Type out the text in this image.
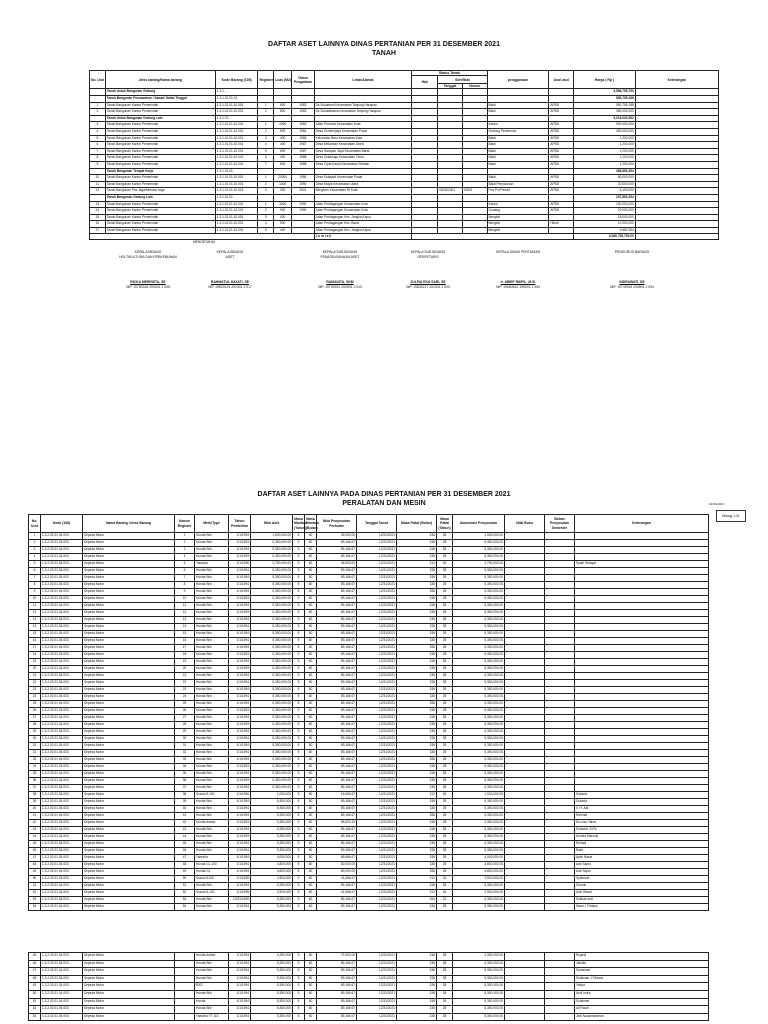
DAFTAR ASET LAINNYA DINAS PERTANIAN PER 31 DESEMBER 2021
TANAH
No. Urut	Jenis barang/Nama barang	Kode Barang (108)	Register	Luas (M2)	Tahun Pengadaan	Letak/Alamat	Status Tanah			penggunaan	Asal usul	Harga ( Rp )	Keterangan
							Hak	Sertifikat					
								Tanggal	Nomor				
	Tanah Untuk Bangunan Gedung	1.3.1...										3,566,755,750	
	Tanah Bangunan Persawahan / Sawah Tadah Tinggal	1.3.1.01.01.01										550,755,188	
1	Tanah Bangunan Kantor Pemerintah	1.3.1.01.01.10.001	1	600	1983	Ds Sukabumi Kecamatan Tanjung Harapan				Balai	APBD	550,755,188	
2	Tanah Bangunan Kantor Pemerintah	1.3.1.01.01.10.001	2	800	1983	Ds Sukalaksana Kecamatan Tanjung Harapan				Balai	APBD	480,000,000	
	Tanah Untuk Bangunan Gedung Lain	1.3.1.01.										3,016,000,562	
3	Tanah Bangunan Kantor Pemerintah	1.3.1.01.01.10.001	1	1000	1983	Jalan Pemuda Kecamatan Kota				Kantor	APBD	900,000,000	
4	Tanah Bangunan Kantor Pemerintah	1.3.1.01.01.10.001	2	500	1984	Desa Sumberjaya Kecamatan Pusat				Gedung Pertemuan	APBD	450,000,000	
5	Tanah Bangunan Kantor Pemerintah	1.3.1.01.01.10.001	3	400	1985	Kelurahan Baru Kecamatan Kota				Balai	APBD	1,200,000	
6	Tanah Bangunan Kantor Pemerintah	1.3.1.01.01.10.001	4	400	1987	Desa Mekarsari Kecamatan Utara				Balai	APBD	1,200,000	
7	Tanah Bangunan Kantor Pemerintah	1.3.1.01.01.10.001	5	600	1987	Desa Harapan Jaya Kecamatan Barat				Balai	APBD	1,200,000	
8	Tanah Bangunan Kantor Pemerintah	1.3.1.01.01.10.001	6	400	1988	Desa Sukamaju Kecamatan Timur				Balai	APBD	1,200,000	
9	Tanah Bangunan Kantor Pemerintah	1.3.1.01.01.10.001	7	600	1988	Desa Cipta Karya Kecamatan Selatan				Balai	APBD	1,200,000	
	Tanah Bangunan Tempat Kerja	1.3.1.01.01.										466,880,354	
10	Tanah Bangunan Kantor Pemerintah	1.3.1.01.01.10.001	1	20000	1984	Desa Sukajadi Kecamatan Pusat				Balai	APBD	80,000,000	
11	Tanah Bangunan Kantor Pemerintah	1.3.1.01.01.10.001	2	1000	1990	Desa Mulya Kecamatan Utara				Balai Penyuluhan	APBD	20,000,000	
12	Tanah Bangunan Pos Jaga/Menara Jaga	1.3.1.01.01.10.016	3	300	2001	Bengkulu Kecamatan RI Kota		05/03/2001	00001	Pos Pol Pertad	APBD	6,100,000	
	Tanah Bangunan Gedung Lain	1.3.1.01.01.										207,880,354	
13	Tanah Bangunan Kantor Pemerintah	1.3.1.01.01.10.001	1	3000	1990	Jalan Perdagangan Kecamatan Kota				Kantor	APBD	150,000,000	
14	Tanah Bangunan Kantor Pemerintah	1.3.1.01.01.10.001	2	500	1990	Jalan Perdagangan Kecamatan Kota				Gudang	APBD	20,000,000	
15	Tanah Bangunan Kantor Pemerintah	1.3.1.01.01.10.001	3	400		Jalan Perdagangan Kec. Jangka Kapur				Bengkel		18,000,000	
16	Tanah Bangunan Kantor Pemerintah	1.3.1.01.01.10.001	4	500		Jalan Perdagangan Kec. Barat				Bengkel	Hibah	10,000,000	
17	Tanah Bangunan Kantor Pemerintah	1.3.1.01.01.10.001	5	400		Jalan Perdagangan Kec. Jangka Kapur				Bengkel		9,880,354	
						J u m l a h						8,366,755,750,00	
MENGETAHUI
KEPALA BIDANG
HOLTIKULTURA DAN PERKEBUNAN
RICKA MERRISTA, SE
NIP. 19780318 200501 2 005
KEPALA BIDANG
ASET
RAHMATUL HAYATI, SE
NIP. 19820124 201001 2 017
KEPALA SUB BIDANG
PENATAUSAHAAN ASET
RAMADITA, SKM
NIP. 19790912 200501 2 012
KEPALA SUB BIDANG
SEKRETARIS
ZULFIA EKA SARI, SE
NIP. 19830217 201001 2 002
KEPALA DINAS PERTANIAN
Ir. ARIEF RIDFIL, M.Si
NIP. 19660612 199203 1 004
PENGURUS BARANG
INDRAWATI, SE
NIP. 19740915 200801 2 004
DAFTAR ASET LAINNYA PADA DINAS PERTANIAN PER 31 DESEMBER 2021
PERALATAN DAN MESIN	12/31/2021
Bidang 1-31
No. Urut	Kode (108)	Nama Barang /Jenis Barang	Nomor Register	Merk/Type	Tahun Pembelian	Nilai Aset	Masa Manfaat (Tahun)	Masa Manfaat (Bulan)	Nilai Penyusutan Perbulan	Tanggal Susut	Masa Pakai (Bulan)	Masa Pakai (Tahun)	Akumulasi Penyusutan	Nilai Buku	Beban Penyusutan Semester	Keterangan
1	1.3.2.02.01.04.003	Sepeda Motor	1	Honda Win	1/1/1994	1,500,000.00	5	60	25,000.00	12/31/2021	336	28	1,500,000.00			
2	1.3.2.02.01.04.003	Sepeda Motor	2	Honda Win	1/1/1994	5,350,000.00	5	60	89,166.67	12/31/2021	336	28	5,350,000.00			
3	1.3.2.02.01.04.003	Sepeda Motor	3	Honda Win	1/1/1994	5,350,000.00	5	60	89,166.67	12/31/2021	336	28	5,350,000.00			
4	1.3.2.02.01.04.003	Sepeda Motor	4	Honda Win	1/1/1994	5,350,000.00	5	60	89,166.67	12/31/2021	336	28	5,350,000.00			
5	1.3.2.02.01.04.003	Sepeda Motor	5	Yamaha	1/1/1996	2,790,000.00	5	60	46,500.00	12/31/2021	312	26	2,790,000.00			Syarif Hidayat
6	1.3.2.02.01.04.003	Sepeda Motor	6	Honda Win	1/1/1994	5,350,000.00	5	60	89,166.67	12/31/2021	336	28	5,350,000.00			
7	1.3.2.02.01.04.003	Sepeda Motor	7	Honda Win	1/1/1994	5,350,000.00	5	60	89,166.67	12/31/2021	336	28	5,350,000.00			
8	1.3.2.02.01.04.003	Sepeda Motor	8	Honda Win	1/1/1994	5,350,000.00	5	60	89,166.67	12/31/2021	336	28	5,350,000.00			
9	1.3.2.02.01.04.003	Sepeda Motor	9	Honda Win	1/1/1994	5,350,000.00	5	60	89,166.67	12/31/2021	336	28	5,350,000.00			
10	1.3.2.02.01.04.003	Sepeda Motor	10	Honda Win	1/1/1994	5,350,000.00	5	60	89,166.67	12/31/2021	336	28	5,350,000.00			
11	1.3.2.02.01.04.003	Sepeda Motor	11	Honda Win	1/1/1994	5,350,000.00	5	60	89,166.67	12/31/2021	336	28	5,350,000.00			
12	1.3.2.02.01.04.003	Sepeda Motor	12	Honda Win	1/1/1994	5,350,000.00	5	60	89,166.67	12/31/2021	336	28	5,350,000.00			
13	1.3.2.02.01.04.003	Sepeda Motor	13	Honda Win	1/1/1994	5,350,000.00	5	60	89,166.67	12/31/2021	336	28	5,350,000.00			
14	1.3.2.02.01.04.003	Sepeda Motor	14	Honda Win	1/1/1994	5,350,000.00	5	60	89,166.67	12/31/2021	336	28	5,350,000.00			
15	1.3.2.02.01.04.003	Sepeda Motor	15	Honda Win	1/1/1994	5,350,000.00	5	60	89,166.67	12/31/2021	336	28	5,350,000.00			
16	1.3.2.02.01.04.003	Sepeda Motor	16	Honda Win	1/1/1994	5,350,000.00	5	60	89,166.67	12/31/2021	336	28	5,350,000.00			
17	1.3.2.02.01.04.003	Sepeda Motor	17	Honda Win	1/1/1994	5,350,000.00	5	60	89,166.67	12/31/2021	336	28	5,350,000.00			
18	1.3.2.02.01.04.003	Sepeda Motor	18	Honda Win	1/1/1994	5,350,000.00	5	60	89,166.67	12/31/2021	336	28	5,350,000.00			
19	1.3.2.02.01.04.003	Sepeda Motor	19	Honda Win	1/1/1994	5,350,000.00	5	60	89,166.67	12/31/2021	336	28	5,350,000.00			
20	1.3.2.02.01.04.003	Sepeda Motor	20	Honda Win	1/1/1994	5,350,000.00	5	60	89,166.67	12/31/2021	336	28	5,350,000.00			
21	1.3.2.02.01.04.003	Sepeda Motor	21	Honda Win	1/1/1994	5,350,000.00	5	60	89,166.67	12/31/2021	336	28	5,350,000.00			
22	1.3.2.02.01.04.003	Sepeda Motor	22	Honda Win	1/1/1994	5,350,000.00	5	60	89,166.67	12/31/2021	336	28	5,350,000.00			
23	1.3.2.02.01.04.003	Sepeda Motor	23	Honda Win	1/1/1994	5,350,000.00	5	60	89,166.67	12/31/2021	336	28	5,350,000.00			
24	1.3.2.02.01.04.003	Sepeda Motor	24	Honda Win	1/1/1994	5,350,000.00	5	60	89,166.67	12/31/2021	336	28	5,350,000.00			
25	1.3.2.02.01.04.003	Sepeda Motor	25	Honda Win	1/1/1994	5,350,000.00	5	60	89,166.67	12/31/2021	336	28	5,350,000.00			
26	1.3.2.02.01.04.003	Sepeda Motor	26	Honda Win	1/1/1994	5,350,000.00	5	60	89,166.67	12/31/2021	336	28	5,350,000.00			
27	1.3.2.02.01.04.003	Sepeda Motor	27	Honda Win	1/1/1994	5,350,000.00	5	60	89,166.67	12/31/2021	336	28	5,350,000.00			
28	1.3.2.02.01.04.003	Sepeda Motor	28	Honda Win	1/1/1994	5,350,000.00	5	60	89,166.67	12/31/2021	336	28	5,350,000.00			
29	1.3.2.02.01.04.003	Sepeda Motor	29	Honda Win	1/1/1994	5,350,000.00	5	60	89,166.67	12/31/2021	336	28	5,350,000.00			
30	1.3.2.02.01.04.003	Sepeda Motor	30	Honda Win	1/1/1994	5,350,000.00	5	60	89,166.67	12/31/2021	336	28	5,350,000.00			
31	1.3.2.02.01.04.003	Sepeda Motor	31	Honda Win	1/1/1994	5,350,000.00	5	60	89,166.67	12/31/2021	336	28	5,350,000.00			
32	1.3.2.02.01.04.003	Sepeda Motor	32	Honda Win	1/1/1994	5,350,000.00	5	60	89,166.67	12/31/2021	336	28	5,350,000.00			
33	1.3.2.02.01.04.003	Sepeda Motor	33	Honda Win	1/1/1994	5,350,000.00	5	60	89,166.67	12/31/2021	336	28	5,350,000.00			
34	1.3.2.02.01.04.003	Sepeda Motor	34	Honda Win	1/1/1994	5,350,000.00	5	60	89,166.67	12/31/2021	336	28	5,350,000.00			
35	1.3.2.02.01.04.003	Sepeda Motor	35	Honda Win	1/1/1994	5,350,000.00	5	60	89,166.67	12/31/2021	336	28	5,350,000.00			
36	1.3.2.02.01.04.003	Sepeda Motor	36	Honda Win	1/1/1994	5,350,000.00	5	60	89,166.67	12/31/2021	336	28	5,350,000.00			
37	1.3.2.02.01.04.003	Sepeda Motor	37	Honda Win	1/1/1994	5,350,000.00	5	60	89,166.67	12/31/2021	336	28	5,350,000.00			
38	1.3.2.02.01.04.003	Sepeda Motor	38	Suzuki A 100	1/1/1996	1,000,000	5	60	16,666.67	12/31/2021	312	26	1,000,000.00			Sukarta
39	1.3.2.02.01.04.003	Sepeda Motor	39	Honda Win	1/1/1994	5,350,000	5	60	89,166.67	12/31/2021	336	28	5,350,000.00			Sukarta
40	1.3.2.02.01.04.003	Sepeda Motor	40	Honda Win	1/1/1994	5,350,000	5	60	89,166.67	12/31/2021	336	28	5,350,000.00			Ir. H. Aat
41	1.3.2.02.01.04.003	Sepeda Motor	41	Honda Win	1/1/1994	5,350,000	5	60	89,166.67	12/31/2021	336	28	5,350,000.00			Rahmat
42	1.3.2.02.01.04.003	Sepeda Motor	42	Honda Astrea	1/1/1994	3,350,000	5	60	55,833.33	12/31/2021	336	28	3,350,000.00			Drs Abu Tahar
43	1.3.2.02.01.04.003	Sepeda Motor	43	Honda Win	1/1/1994	5,350,000	5	60	89,166.67	12/31/2021	336	28	5,350,000.00			Suhaedi, S.Pd
44	1.3.2.02.01.04.003	Sepeda Motor	44	Honda Win	1/1/1994	5,350,000	5	60	89,166.67	12/31/2021	336	28	5,350,000.00			Ahmad Marzuki
45	1.3.2.02.01.04.003	Sepeda Motor	45	Honda Win	1/1/1994	5,350,000	5	60	89,166.67	12/31/2021	336	28	5,350,000.00			Rohadi
46	1.3.2.02.01.04.003	Sepeda Motor	46	Honda Win	1/1/1994	5,350,000	5	60	89,166.67	12/31/2021	336	28	5,350,000.00			Bakri
47	1.3.2.02.01.04.003	Sepeda Motor	47	Yamaha	1/1/1994	4,000,000	5	60	66,666.67	12/31/2021	336	28	4,000,000.00			Aplin Nazar
48	1.3.2.02.01.04.003	Sepeda Motor	48	Honda GL 100	1/1/1994	4,800,000	5	60	80,000.00	12/31/2021	336	28	4,800,000.00			Ade Sapru
49	1.3.2.02.01.04.003	Sepeda Motor	49	Honda GL	1/1/1994	4,800,000	5	60	80,000.00	12/31/2021	336	28	4,800,000.00			Ade Sapru
50	1.3.2.02.01.04.003	Sepeda Motor	50	Suzuki A100	1/1/1996	2,500,000	5	60	41,666.67	12/31/2021	312	26	2,500,000.00			Syahrizal
51	1.3.2.02.01.04.003	Sepeda Motor	51	Honda Win	1/1/1994	5,350,000	5	60	89,166.67	12/31/2021	336	28	5,350,000.00			Gusmir
52	1.3.2.02.01.04.003	Sepeda Motor	52	Suzuki A 100	1/1/1996	2,500,000	5	60	41,666.67	12/31/2021	312	26	2,500,000.00			Asih Rabat
53	1.3.2.02.01.04.003	Sepeda Motor	53	Honda Win	12/31/1999	5,350,000	5	60	89,166.67	12/31/2021	264	22	5,350,000.00			Sukirah Anit
54	1.3.2.02.01.04.003	Sepeda Motor	54	Honda Win	1/1/1994	5,350,000	5	60	89,166.67	12/31/2021	336	28	5,350,000.00			Ilham J Fitriano
45	1.3.2.02.01.04.003	Sepeda Motor		Honda Astrea	1/1/1994	4,350,000	5	60	72,500.00	12/31/2021	336	28	4,350,000.00			Rujardi
46	1.3.2.02.01.04.003	Sepeda Motor		Honda Win	1/1/1994	5,350,000	5	60	89,166.67	12/31/2021	336	28	5,350,000.00			Jahidin
47	1.3.2.02.01.04.003	Sepeda Motor		Honda Win	1/1/1994	5,350,000	5	60	89,166.67	12/31/2021	336	28	5,350,000.00			Samsimal
48	1.3.2.02.01.04.003	Sepeda Motor		Honda Win	1/1/1994	5,350,000	5	60	89,166.67	12/31/2021	336	28	5,350,000.00			Sulaiman J Fitriano
49	1.3.2.02.01.04.003	Sepeda Motor		RXS	1/1/1994	5,350,000	5	60	89,166.67	12/31/2021	336	28	5,350,000.00			Yahya
50	1.3.2.02.01.04.003	Sepeda Motor		Honda Win	1/1/1994	5,350,000	5	60	89,166.67	12/31/2021	336	28	5,350,000.00			Asdi Indra
51	1.3.2.02.01.04.003	Sepeda Motor		Honda	1/1/1994	5,350,000	5	60	89,166.67	12/31/2021	336	28	5,350,000.00			Sulaiman
52	1.3.2.02.01.04.003	Sepeda Motor		Honda Win	1/1/1994	5,350,000	5	60	89,166.67	12/31/2021	336	28	5,350,000.00			Ali Rasdi
53	1.3.2.02.01.04.003	Sepeda Motor		Yamaha YT 115	1/1/1994	5,350,000	5	60	89,166.67	12/31/2021	336	28	5,350,000.00			Jedi Nusantaraman
